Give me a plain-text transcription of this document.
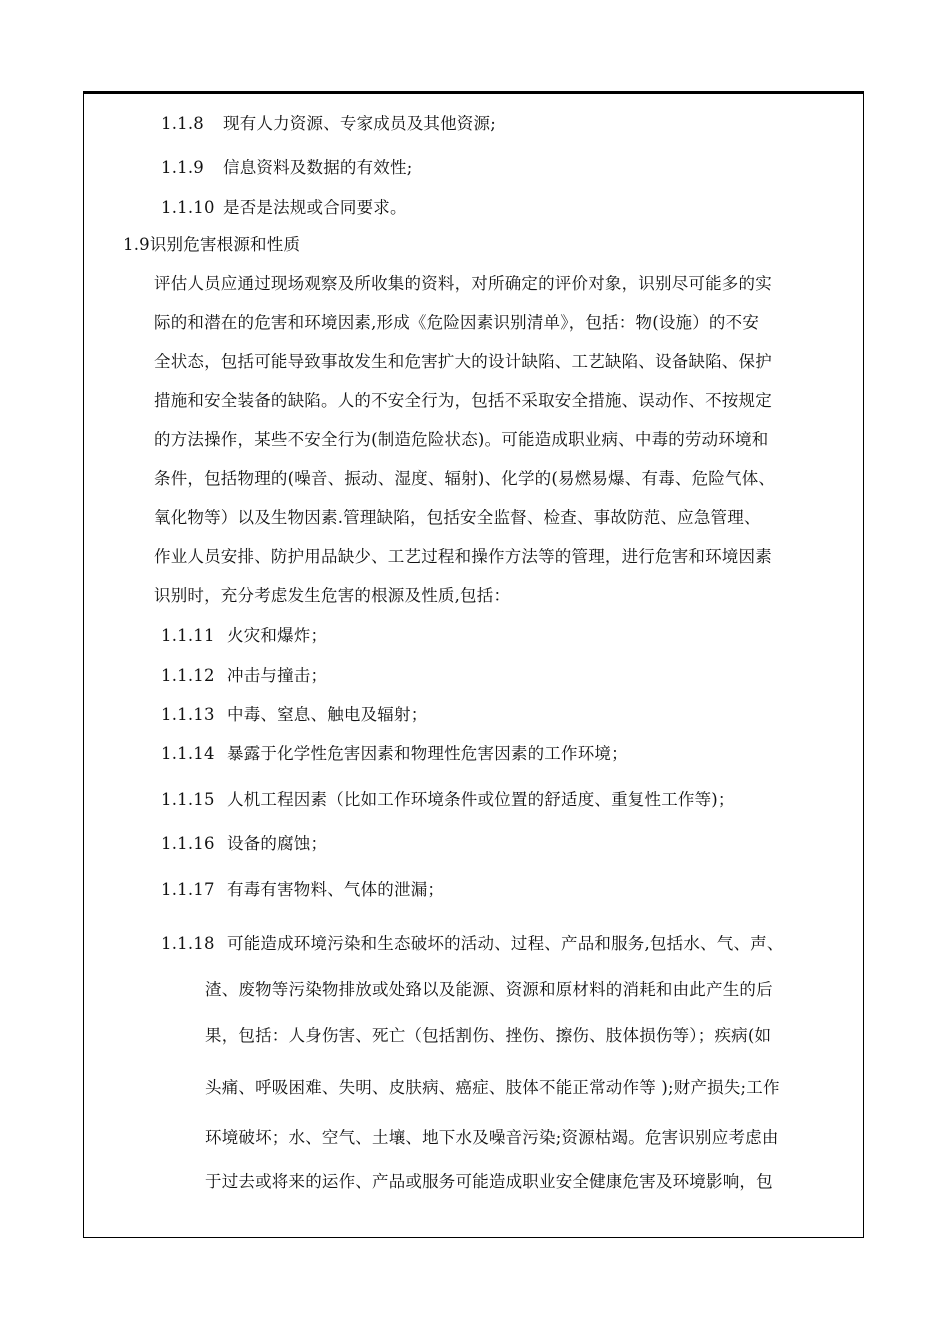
1.1.8 现有人力资源、专家成员及其他资源;
1.1.9 信息资料及数据的有效性;
1.1.10 是否是法规或合同要求。
1.9识别危害根源和性质
评估人员应通过现场观察及所收集的资料，对所确定的评价对象，识别尽可能多的实
际的和潜在的危害和环境因素,形成《危险因素识别清单》，包括：物(设施）的不安
全状态，包括可能导致事故发生和危害扩大的设计缺陷、工艺缺陷、设备缺陷、保护
措施和安全装备的缺陷。人的不安全行为，包括不采取安全措施、误动作、不按规定
的方法操作，某些不安全行为(制造危险状态)。可能造成职业病、中毒的劳动环境和
条件，包括物理的(噪音、振动、湿度、辐射)、化学的(易燃易爆、有毒、危险气体、
氧化物等）以及生物因素.管理缺陷，包括安全监督、检查、事故防范、应急管理、
作业人员安排、防护用品缺少、工艺过程和操作方法等的管理，进行危害和环境因素
识别时，充分考虑发生危害的根源及性质,包括：
1.1.11 火灾和爆炸；
1.1.12 冲击与撞击；
1.1.13 中毒、窒息、触电及辐射；
1.1.14 暴露于化学性危害因素和物理性危害因素的工作环境；
1.1.15 人机工程因素（比如工作环境条件或位置的舒适度、重复性工作等)；
1.1.16 设备的腐蚀；
1.1.17 有毒有害物料、气体的泄漏；
1.1.18 可能造成环境污染和生态破坏的活动、过程、产品和服务,包括水、气、声、
渣、废物等污染物排放或处臵以及能源、资源和原材料的消耗和由此产生的后
果，包括：人身伤害、死亡（包括割伤、挫伤、擦伤、肢体损伤等）；疾病(如
头痛、呼吸困难、失明、皮肤病、癌症、肢体不能正常动作等 );财产损失;工作
环境破坏；水、空气、土壤、地下水及噪音污染;资源枯竭。危害识别应考虑由
于过去或将来的运作、产品或服务可能造成职业安全健康危害及环境影响，包
